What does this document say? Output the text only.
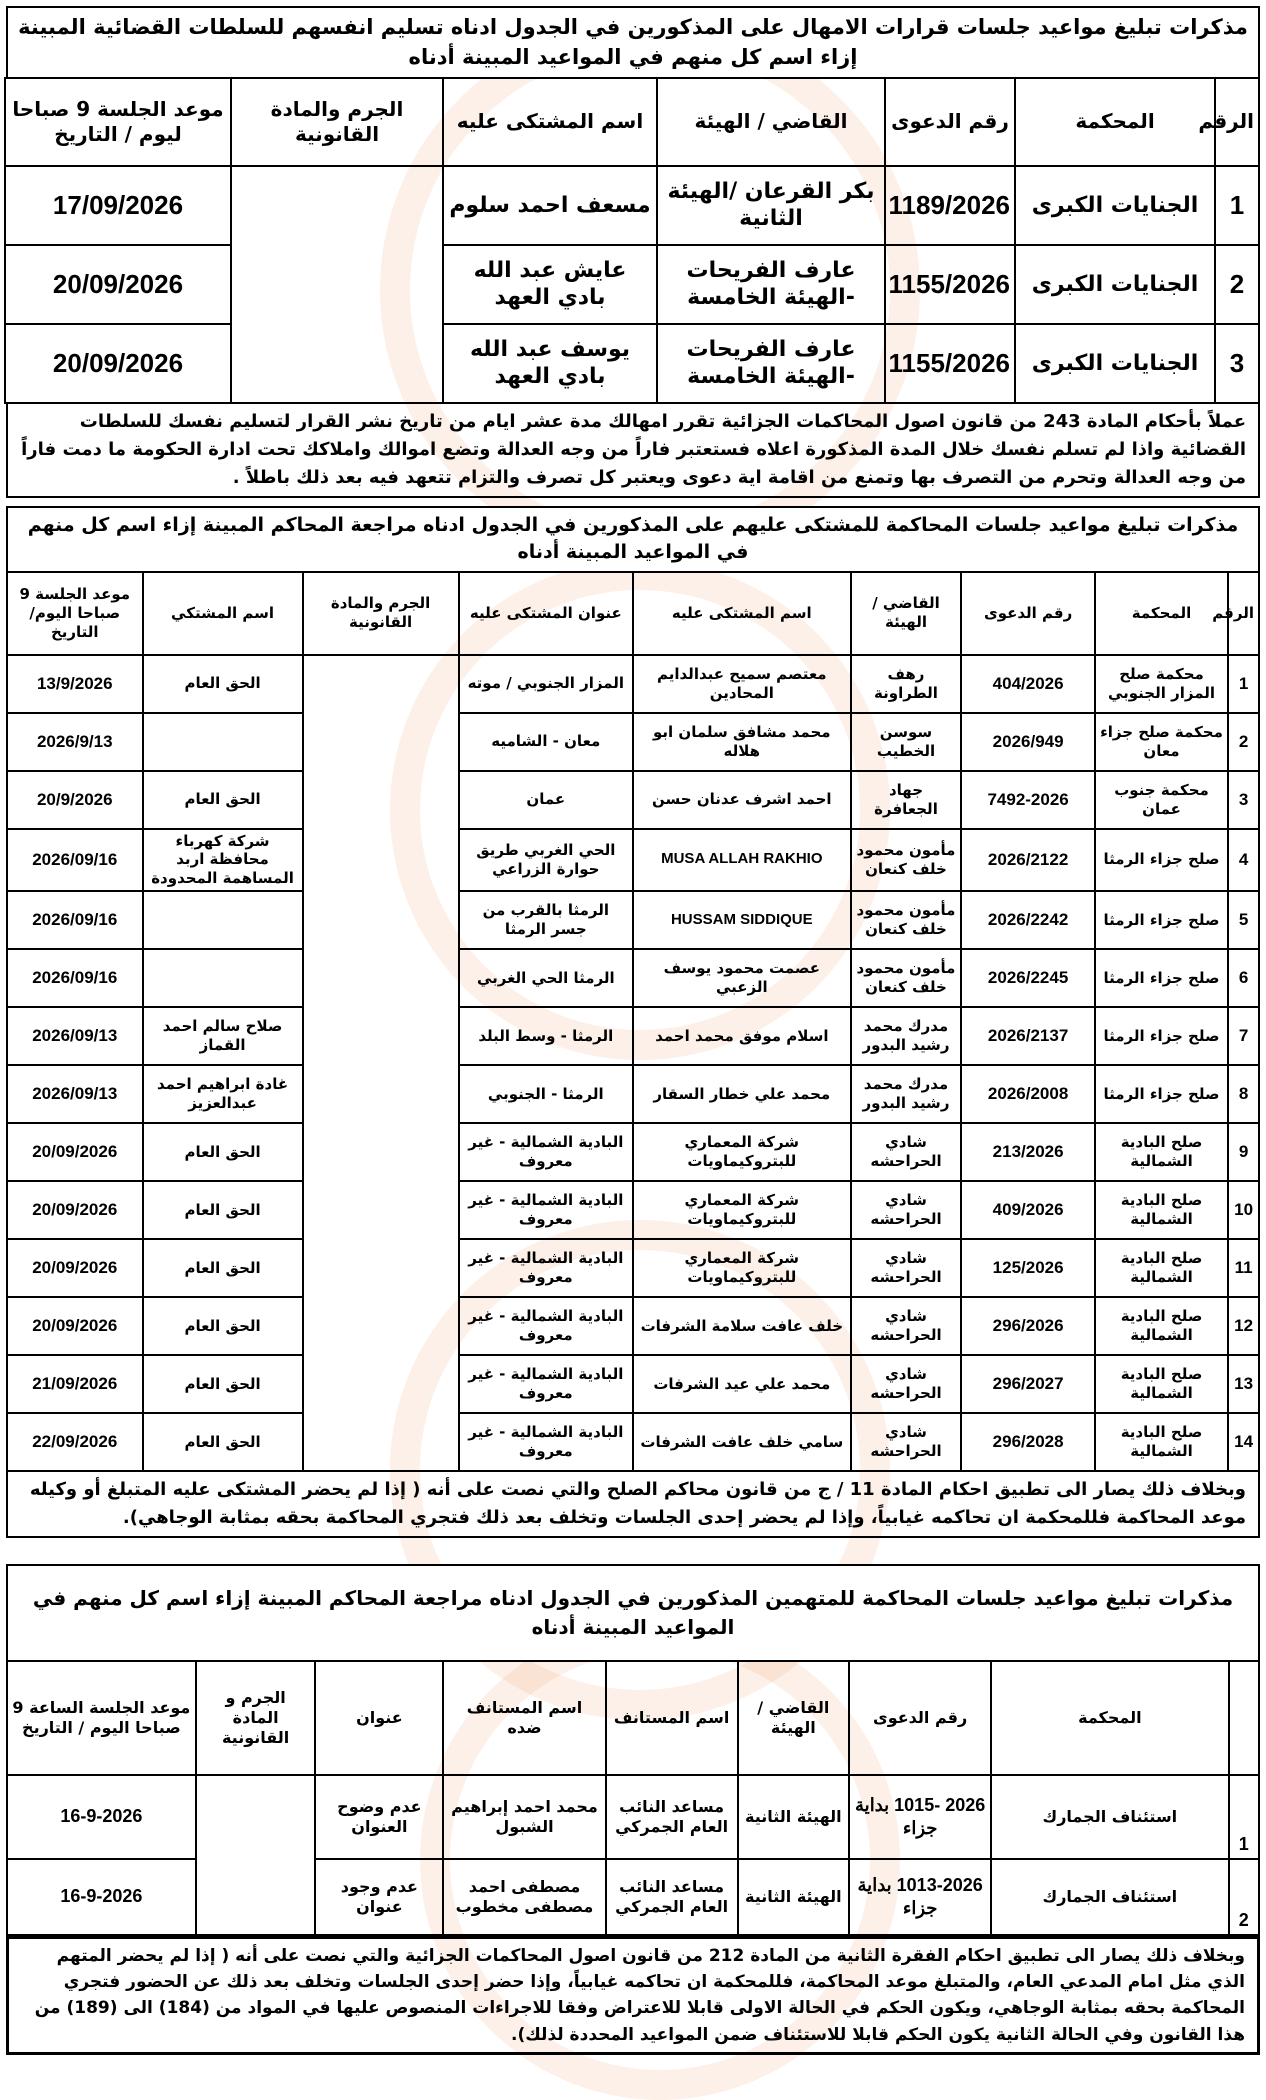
مذكرات تبليغ مواعيد جلسات قرارات الامهال على المذكورين في الجدول ادناه تسليم انفسهم للسلطات القضائية المبينة إزاء اسم كل منهم في المواعيد المبينة أدناه
الرقم	المحكمة	رقم الدعوى	القاضي / الهيئة	اسم المشتكى عليه	الجرم والمادة القانونية	موعد الجلسة 9 صباحا ليوم / التاريخ
1	الجنايات الكبرى	1189/2026	بكر القرعان /الهيئة الثانية	مسعف احمد سلوم		17/09/2026
2	الجنايات الكبرى	1155/2026	عارف الفريحات -الهيئة الخامسة	عايش عبد الله بادي العهد		20/09/2026
3	الجنايات الكبرى	1155/2026	عارف الفريحات -الهيئة الخامسة	يوسف عبد الله بادي العهد		20/09/2026
عملاً بأحكام المادة 243 من قانون اصول المحاكمات الجزائية تقرر امهالك مدة عشر ايام من تاريخ نشر القرار لتسليم نفسك للسلطات القضائية واذا لم تسلم نفسك خلال المدة المذكورة اعلاه فستعتبر فاراً من وجه العدالة وتضع اموالك واملاكك تحت ادارة الحكومة ما دمت فاراً من وجه العدالة وتحرم من التصرف بها وتمنع من اقامة اية دعوى ويعتبر كل تصرف والتزام تتعهد فيه بعد ذلك باطلاً .
مذكرات تبليغ مواعيد جلسات المحاكمة للمشتكى عليهم على المذكورين في الجدول ادناه مراجعة المحاكم المبينة إزاء اسم كل منهم في المواعيد المبينة أدناه
الرقم	المحكمة	رقم الدعوى	القاضي / الهيئة	اسم المشتكى عليه	عنوان المشتكى عليه	الجرم والمادة القانونية	اسم المشتكي	موعد الجلسة 9 صباحا اليوم/التاريخ
1	محكمة صلح المزار الجنوبي	404/2026	رهف الطراونة	معتصم سميح عبدالدايم المحادين	المزار الجنوبي / موته		الحق العام	13/9/2026
2	محكمة صلح جزاء معان	2026/949	سوسن الخطيب	محمد مشافق سلمان ابو هلاله	معان - الشاميه			2026/9/13
3	محكمة جنوب عمان	7492-2026	جهاد الجعافرة	احمد اشرف عدنان حسن	عمان		الحق العام	20/9/2026
4	صلح جزاء الرمثا	2026/2122	مأمون محمود خلف كنعان	MUSA ALLAH RAKHIO	الحي الغربي طريق حوارة الزراعي		شركة كهرباء محافظة اربد المساهمة المحدودة	2026/09/16
5	صلح جزاء الرمثا	2026/2242	مأمون محمود خلف كنعان	HUSSAM SIDDIQUE	الرمثا بالقرب من جسر الرمثا			2026/09/16
6	صلح جزاء الرمثا	2026/2245	مأمون محمود خلف كنعان	عصمت محمود يوسف الزعبي	الرمثا الحي الغربي			2026/09/16
7	صلح جزاء الرمثا	2026/2137	مدرك محمد رشيد البدور	اسلام موفق محمد احمد	الرمثا - وسط البلد		صلاح سالم احمد القماز	2026/09/13
8	صلح جزاء الرمثا	2026/2008	مدرك محمد رشيد البدور	محمد علي خطار السقار	الرمثا - الجنوبي		غادة ابراهيم احمد عبدالعزيز	2026/09/13
9	صلح البادية الشمالية	213/2026	شادي الحراحشه	شركة المعماري للبتروكيماويات	البادية الشمالية - غير معروف		الحق العام	20/09/2026
10	صلح البادية الشمالية	409/2026	شادي الحراحشه	شركة المعماري للبتروكيماويات	البادية الشمالية - غير معروف		الحق العام	20/09/2026
11	صلح البادية الشمالية	125/2026	شادي الحراحشه	شركة المعماري للبتروكيماويات	البادية الشمالية - غير معروف		الحق العام	20/09/2026
12	صلح البادية الشمالية	296/2026	شادي الحراحشه	خلف عافت سلامة الشرفات	البادية الشمالية - غير معروف		الحق العام	20/09/2026
13	صلح البادية الشمالية	296/2027	شادي الحراحشه	محمد علي عيد الشرفات	البادية الشمالية - غير معروف		الحق العام	21/09/2026
14	صلح البادية الشمالية	296/2028	شادي الحراحشه	سامي خلف عافت الشرفات	البادية الشمالية - غير معروف		الحق العام	22/09/2026
وبخلاف ذلك يصار الى تطبيق احكام المادة 11 / ج من قانون محاكم الصلح والتي نصت على أنه ( إذا لم يحضر المشتكى عليه المتبلغ أو وكيله موعد المحاكمة فللمحكمة ان تحاكمه غيابياً، وإذا لم يحضر إحدى الجلسات وتخلف بعد ذلك فتجري المحاكمة بحقه بمثابة الوجاهي).
مذكرات تبليغ مواعيد جلسات المحاكمة للمتهمين المذكورين في الجدول ادناه مراجعة المحاكم المبينة إزاء اسم كل منهم في المواعيد المبينة أدناه
	المحكمة	رقم الدعوى	القاضي / الهيئة	اسم المستانف	اسم المستانف ضده	عنوان	الجرم و المادة القانونية	موعد الجلسة الساعة 9 صباحا اليوم / التاريخ
1	استئناف الجمارك	2026 -1015 بداية جزاء	الهيئة الثانية	مساعد النائب العام الجمركي	محمد احمد إبراهيم الشبول	عدم وضوح العنوان		16-9-2026
2	استئناف الجمارك	1013-2026 بداية جزاء	الهيئة الثانية	مساعد النائب العام الجمركي	مصطفى احمد مصطفى مخطوب	عدم وجود عنوان		16-9-2026
وبخلاف ذلك يصار الى تطبيق احكام الفقرة الثانية من المادة 212 من قانون اصول المحاكمات الجزائية والتي نصت على أنه ( إذا لم يحضر المتهم الذي مثل امام المدعي العام، والمتبلغ موعد المحاكمة، فللمحكمة ان تحاكمه غيابياً، وإذا حضر إحدى الجلسات وتخلف بعد ذلك عن الحضور فتجري المحاكمة بحقه بمثابة الوجاهي، ويكون الحكم في الحالة الاولى قابلا للاعتراض وفقا للاجراءات المنصوص عليها في المواد من (184) الى (189) من هذا القانون وفي الحالة الثانية يكون الحكم قابلا للاستئناف ضمن المواعيد المحددة لذلك).
